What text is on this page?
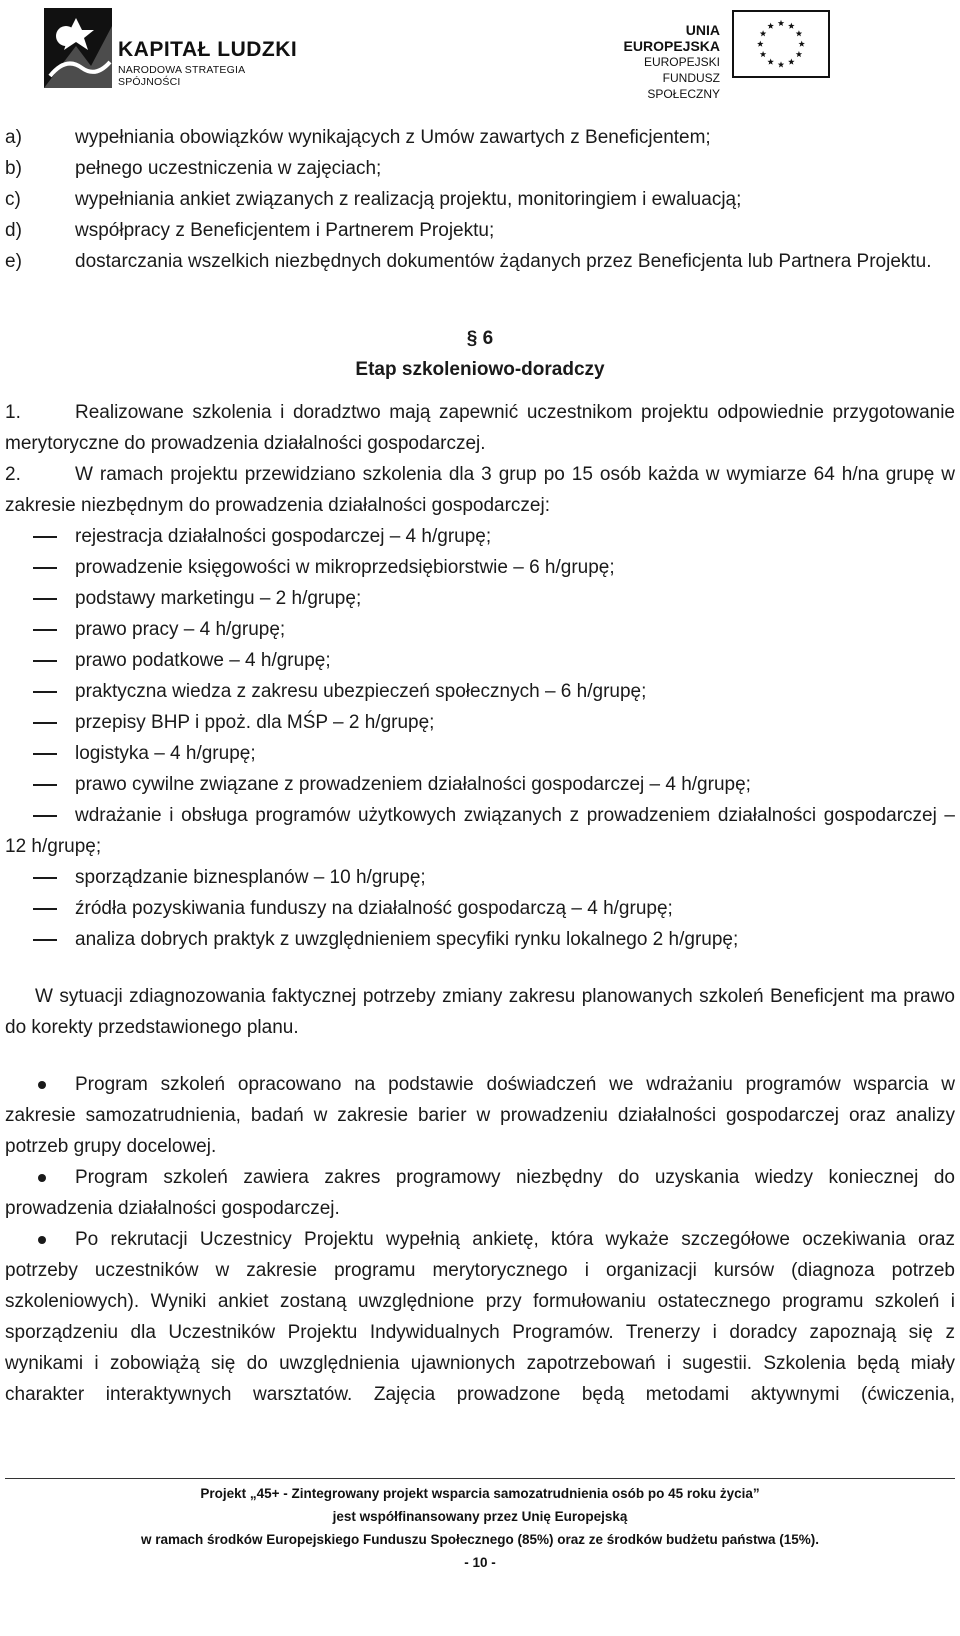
KAPITAŁ LUDZKI
NARODOWA STRATEGIA SPÓJNOŚCI
UNIA EUROPEJSKA
EUROPEJSKI
FUNDUSZ SPOŁECZNY
a)	wypełniania obowiązków wynikających z Umów zawartych z Beneficjentem;
b)	pełnego uczestniczenia w zajęciach;
c)	wypełniania ankiet związanych z realizacją projektu, monitoringiem i ewaluacją;
d)	współpracy z Beneficjentem i Partnerem Projektu;
e)	dostarczania wszelkich niezbędnych dokumentów żądanych przez Beneficjenta lub Partnera Projektu.
§ 6
Etap szkoleniowo-doradczy
1.	Realizowane szkolenia i doradztwo mają zapewnić uczestnikom projektu odpowiednie przygotowanie merytoryczne do prowadzenia działalności gospodarczej.
2.	W ramach projektu przewidziano szkolenia dla 3 grup po 15 osób każda w wymiarze 64 h/na grupę w zakresie niezbędnym do prowadzenia działalności gospodarczej:
rejestracja działalności gospodarczej – 4 h/grupę;
prowadzenie księgowości w mikroprzedsiębiorstwie – 6 h/grupę;
podstawy marketingu – 2 h/grupę;
prawo pracy – 4 h/grupę;
prawo podatkowe – 4 h/grupę;
praktyczna wiedza z zakresu ubezpieczeń społecznych – 6 h/grupę;
przepisy BHP i ppoż. dla MŚP – 2 h/grupę;
logistyka – 4 h/grupę;
prawo cywilne związane z prowadzeniem działalności gospodarczej – 4 h/grupę;
wdrażanie i obsługa programów użytkowych związanych z prowadzeniem działalności gospodarczej – 12 h/grupę;
sporządzanie biznesplanów – 10 h/grupę;
źródła pozyskiwania funduszy na działalność gospodarczą – 4 h/grupę;
analiza dobrych praktyk z uwzględnieniem specyfiki rynku lokalnego 2 h/grupę;
W sytuacji zdiagnozowania faktycznej potrzeby zmiany zakresu planowanych szkoleń Beneficjent ma prawo do korekty przedstawionego planu.
Program szkoleń opracowano na podstawie doświadczeń we wdrażaniu programów wsparcia w zakresie samozatrudnienia, badań w zakresie barier w prowadzeniu działalności gospodarczej oraz analizy potrzeb grupy docelowej.
Program szkoleń zawiera zakres programowy niezbędny do uzyskania wiedzy koniecznej do prowadzenia działalności gospodarczej.
Po rekrutacji Uczestnicy Projektu wypełnią ankietę, która wykaże szczegółowe oczekiwania oraz potrzeby uczestników w zakresie programu merytorycznego i organizacji kursów (diagnoza potrzeb szkoleniowych). Wyniki ankiet zostaną uwzględnione przy formułowaniu ostatecznego programu szkoleń i sporządzeniu dla Uczestników Projektu Indywidualnych Programów. Trenerzy i doradcy zapoznają się z wynikami i zobowiążą się do uwzględnienia ujawnionych zapotrzebowań i sugestii. Szkolenia będą miały charakter interaktywnych warsztatów. Zajęcia prowadzone będą metodami aktywnymi (ćwiczenia,
Projekt „45+ - Zintegrowany projekt wsparcia samozatrudnienia osób po 45 roku życia”
jest współfinansowany przez Unię Europejską
w ramach środków Europejskiego Funduszu Społecznego (85%) oraz ze środków budżetu państwa (15%).
- 10 -
